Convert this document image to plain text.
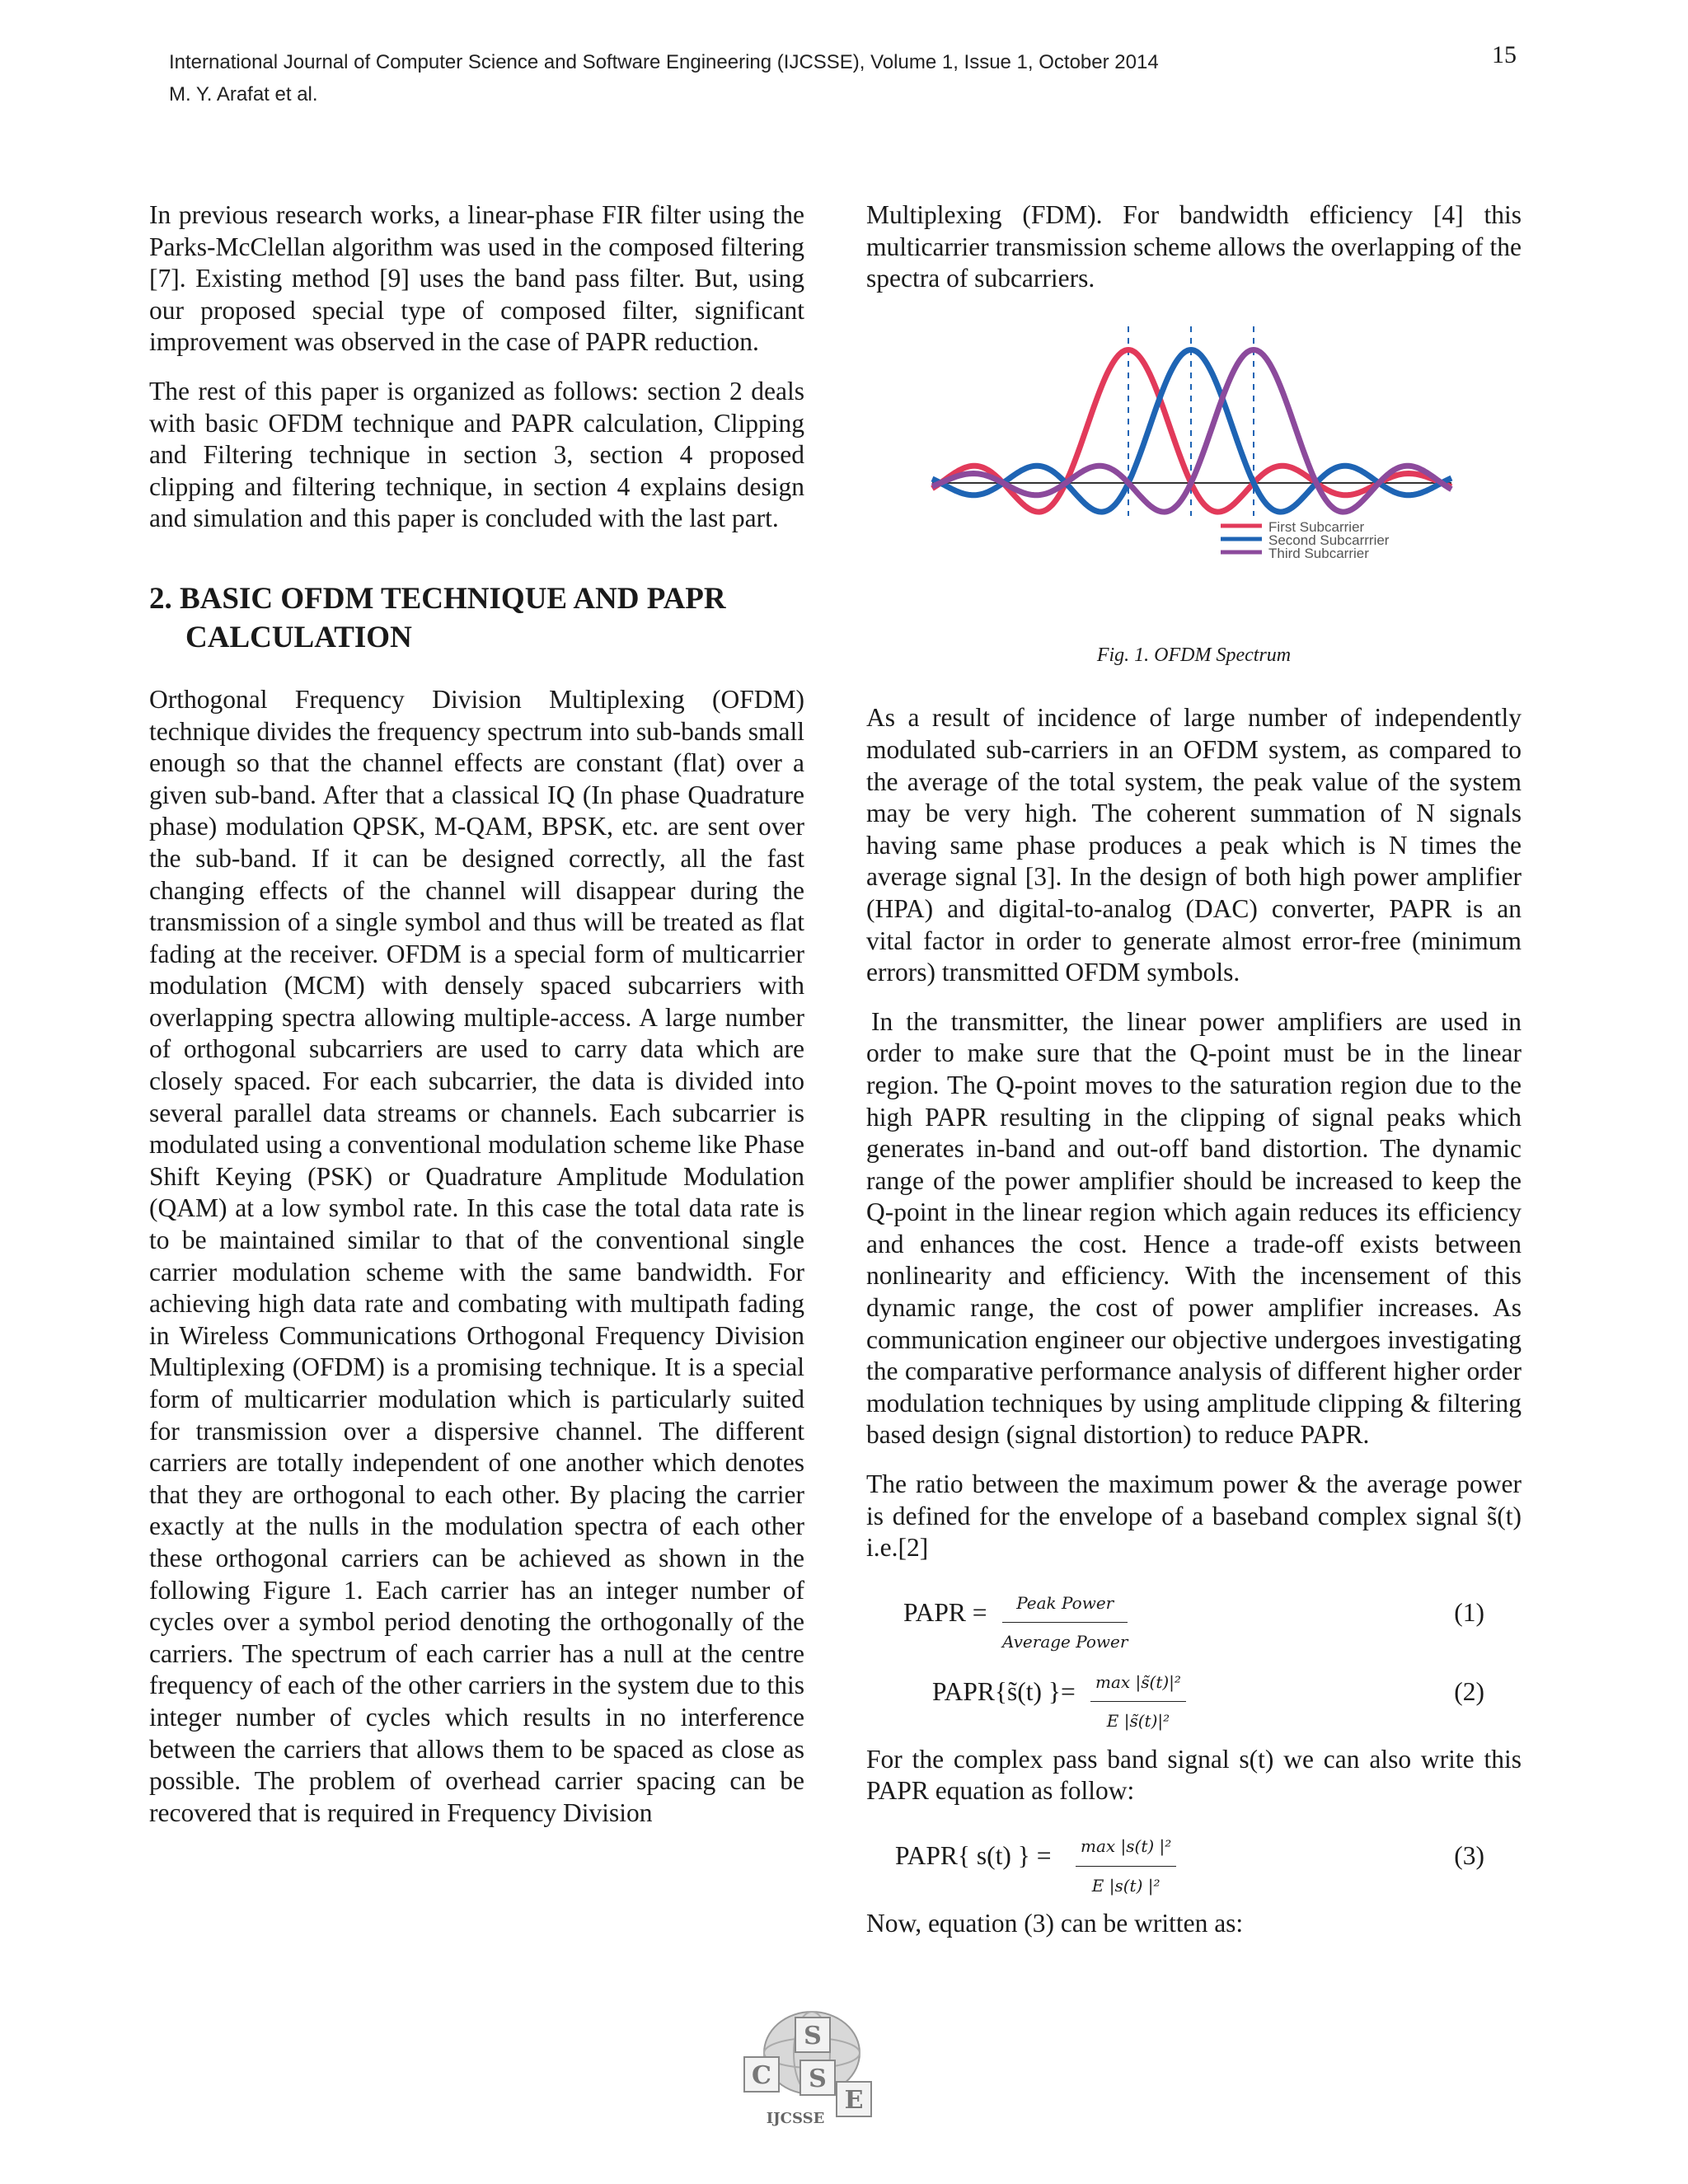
International Journal of Computer Science and Software Engineering (IJCSSE), Volume 1, Issue 1, October 2014
M. Y. Arafat et al.
15

In previous research works, a linear-phase FIR filter using the Parks-McClellan algorithm was used in the composed filtering [7]. Existing method [9] uses the band pass filter. But, using our proposed special type of composed filter, significant improvement was observed in the case of PAPR reduction.

The rest of this paper is organized as follows: section 2 deals with basic OFDM technique and PAPR calculation, Clipping and Filtering technique in section 3, section 4 proposed clipping and filtering technique, in section 4 explains design and simulation and this paper is concluded with the last part.

2. BASIC OFDM TECHNIQUE AND PAPR CALCULATION

Orthogonal Frequency Division Multiplexing (OFDM) technique divides the frequency spectrum into sub-bands small enough so that the channel effects are constant (flat) over a given sub-band. After that a classical IQ (In phase Quadrature phase) modulation QPSK, M-QAM, BPSK, etc. are sent over the sub-band. If it can be designed correctly, all the fast changing effects of the channel will disappear during the transmission of a single symbol and thus will be treated as flat fading at the receiver. OFDM is a special form of multicarrier modulation (MCM) with densely spaced subcarriers with overlapping spectra allowing multiple-access. A large number of orthogonal subcarriers are used to carry data which are closely spaced. For each subcarrier, the data is divided into several parallel data streams or channels. Each subcarrier is modulated using a conventional modulation scheme like Phase Shift Keying (PSK) or Quadrature Amplitude Modulation (QAM) at a low symbol rate. In this case the total data rate is to be maintained similar to that of the conventional single carrier modulation scheme with the same bandwidth. For achieving high data rate and combating with multipath fading in Wireless Communications Orthogonal Frequency Division Multiplexing (OFDM) is a promising technique. It is a special form of multicarrier modulation which is particularly suited for transmission over a dispersive channel. The different carriers are totally independent of one another which denotes that they are orthogonal to each other. By placing the carrier exactly at the nulls in the modulation spectra of each other these orthogonal carriers can be achieved as shown in the following Figure 1. Each carrier has an integer number of cycles over a symbol period denoting the orthogonally of the carriers. The spectrum of each carrier has a null at the centre frequency of each of the other carriers in the system due to this integer number of cycles which results in no interference between the carriers that allows them to be spaced as close as possible. The problem of overhead carrier spacing can be recovered that is required in Frequency Division

Multiplexing (FDM). For bandwidth efficiency [4] this multicarrier transmission scheme allows the overlapping of the spectra of subcarriers.

First Subcarrier
Second Subcarrrier
Third Subcarrier
Fig. 1. OFDM Spectrum

As a result of incidence of large number of independently modulated sub-carriers in an OFDM system, as compared to the average of the total system, the peak value of the system may be very high. The coherent summation of N signals having same phase produces a peak which is N times the average signal [3]. In the design of both high power amplifier (HPA) and digital-to-analog (DAC) converter, PAPR is an vital factor in order to generate almost error-free (minimum errors) transmitted OFDM symbols.

In the transmitter, the linear power amplifiers are used in order to make sure that the Q-point must be in the linear region. The Q-point moves to the saturation region due to the high PAPR resulting in the clipping of signal peaks which generates in-band and out-off band distortion. The dynamic range of the power amplifier should be increased to keep the Q-point in the linear region which again reduces its efficiency and enhances the cost. Hence a trade-off exists between nonlinearity and efficiency. With the incensement of this dynamic range, the cost of power amplifier increases. As communication engineer our objective undergoes investigating the comparative performance analysis of different higher order modulation techniques by using amplitude clipping & filtering based design (signal distortion) to reduce PAPR.

The ratio between the maximum power & the average power is defined for the envelope of a baseband complex signal s̃(t) i.e.[2]

PAPR =	Peak Power
Average Power
(1)
PAPR{s̃(t) }=	max |s̃(t)|²
E |s̃(t)|²
(2)

For the complex pass band signal s(t) we can also write this PAPR equation as follow:

PAPR{ s(t) } =	max |s(t) |²
E |s(t) |²
(3)

Now, equation (3) can be written as:

S
C S
E
IJCSSE
